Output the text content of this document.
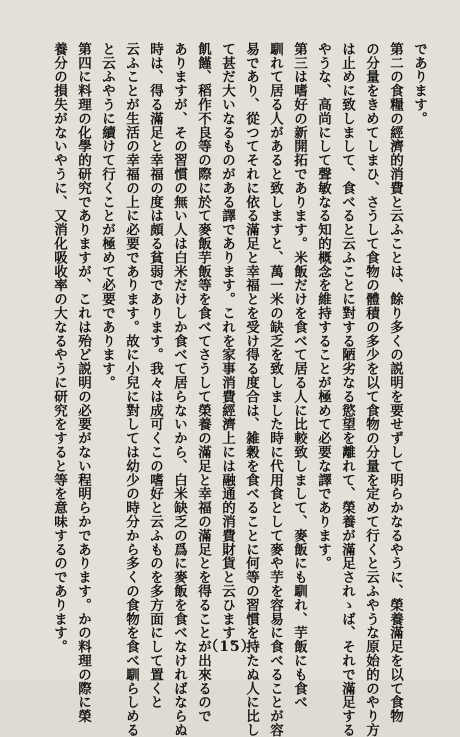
であります。
第二の食糧の經濟的消費と云ふことは、餘り多くの説明を要せずして明らかなるやうに、榮養滿足を以て食物
の分量をきめてしまひ、さうして食物の體積の多少を以て食物の分量を定めて行くと云ふやうな原始的のやり方
は止めに致しまして、食べると云ふことに對する陋劣なる慾望を離れて、榮養が滿足されゝば、それで滿足する
やうな、高尚にして聲敏なる知的概念を維持することが極めて必要な譯であります。
第三は嗜好の新開拓であります。米飯だけを食べて居る人に比較致しまして、麥飯にも馴れ、芋飯にも食べ
馴れて居る人があると致しますと、萬一米の缺乏を致しました時に代用食として麥や芋を容易に食べることが容
易であり、從つてそれに依る滿足と幸福とを受け得る度合は、雑穀を食べることに何等の習慣を持たぬ人に比し
て甚だ大いなるものがある譯であります。これを家事消費經濟上には融通的消費財貨と云ひます。
飢饉、稻作不良等の際に於て麥飯芋飯等を食べてさうして榮養の滿足と幸福の滿足とを得ることが出來るので
ありますが、その習慣の無い人は白米だけしか食べて居らないから、白米缺乏の爲に麥飯を食べなければならぬ
時は、得る滿足と幸福の度は頗る貧弱であります。我々は成可くこの嗜好と云ふものを多方面にして置くと
云ふことが生活の幸福の上に必要であります。故に小兒に對しては幼少の時分から多くの食物を食べ馴らしめる
と云ふやうに續けて行くことが極めて必要であります。
第四に料理の化學的研究でありますが、これは殆ど説明の必要がない程明らかであります。かの料理の際に榮
養分の損失がないやうに、又消化吸收率の大なるやうに研究をすると等を意味するのであります。	（15）
